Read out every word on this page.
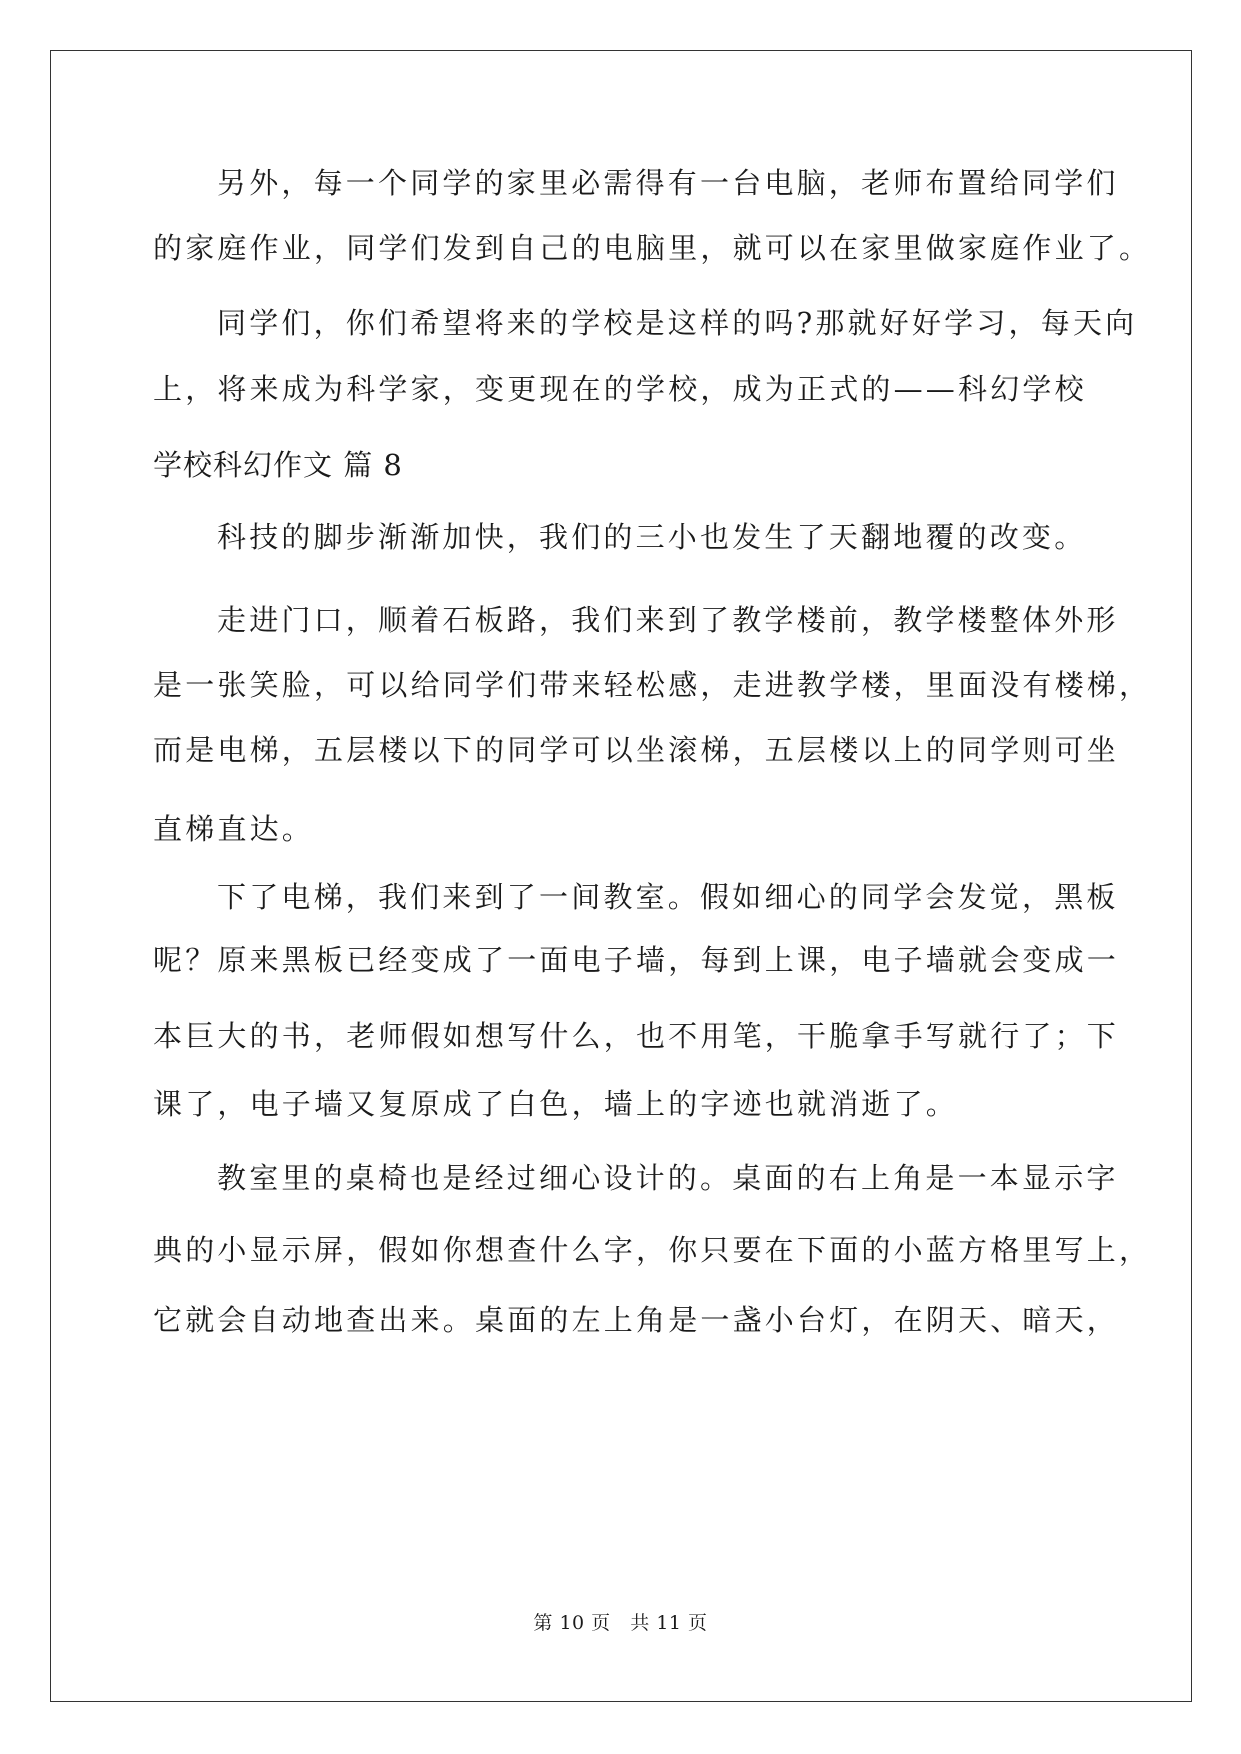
另外，每一个同学的家里必需得有一台电脑，老师布置给同学们
的家庭作业，同学们发到自己的电脑里，就可以在家里做家庭作业了。
同学们，你们希望将来的学校是这样的吗?那就好好学习，每天向
上，将来成为科学家，变更现在的学校，成为正式的——科幻学校
学校科幻作文 篇 8
科技的脚步渐渐加快，我们的三小也发生了天翻地覆的改变。
走进门口，顺着石板路，我们来到了教学楼前，教学楼整体外形
是一张笑脸，可以给同学们带来轻松感，走进教学楼，里面没有楼梯，
而是电梯，五层楼以下的同学可以坐滚梯，五层楼以上的同学则可坐
直梯直达。
下了电梯，我们来到了一间教室。假如细心的同学会发觉，黑板
呢？原来黑板已经变成了一面电子墙，每到上课，电子墙就会变成一
本巨大的书，老师假如想写什么，也不用笔，干脆拿手写就行了；下
课了，电子墙又复原成了白色，墙上的字迹也就消逝了。
教室里的桌椅也是经过细心设计的。桌面的右上角是一本显示字
典的小显示屏，假如你想查什么字，你只要在下面的小蓝方格里写上，
它就会自动地查出来。桌面的左上角是一盏小台灯，在阴天、暗天，
第 10 页   共 11 页
